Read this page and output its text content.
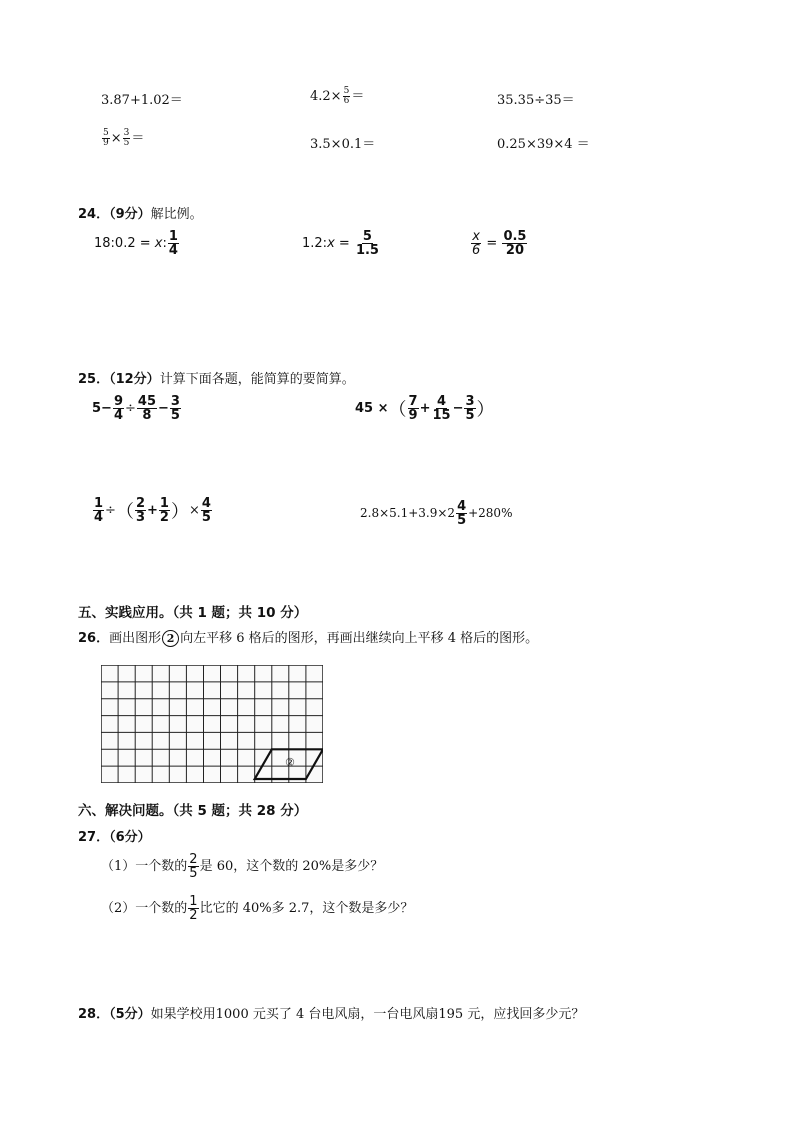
3.87+1.02＝	$4.2\times \frac{5}{6}$ ＝	35.35÷35＝
$\frac{5}{9} \times \frac{3}{5}$ ＝	3.5×0.1＝	0.25×39×4 ＝
24．（9分）解比例。
18:0.2 = x: $\frac{1}{4}$	1.2:x = $\frac{5}{1.5}$	$\frac{x}{6} = \frac{0.5}{20}$
25．（12分）计算下面各题，能简算的要简算。
$5- \frac{9}{4} \div \frac{45}{8} - \frac{3}{5}$	45 ×（ $\frac{7}{9} + \frac{4}{15} - \frac{3}{5}$ ）
$\frac{1}{4}$ ÷（ $\frac{2}{3} + \frac{1}{2}$ ）× $\frac{4}{5}$	$2.8\times 5.1+3.9\times 2 \frac{4}{5} +280\%$
五、实践应用。（共 1 题；共 10 分）
26．画出图形 2 向左平移 6 格后的图形，再画出继续向上平移 4 格后的图形。
②
六、解决问题。（共 5 题；共 28 分）
27．（6分）
（1）一个数的 $\frac{2}{5}$ 是 60，这个数的 20%是多少？
（2）一个数的 $\frac{1}{2}$ 比它的 40%多 2.7，这个数是多少？
28．（5分）如果学校用1000 元买了 4 台电风扇，一台电风扇195 元，应找回多少元？
